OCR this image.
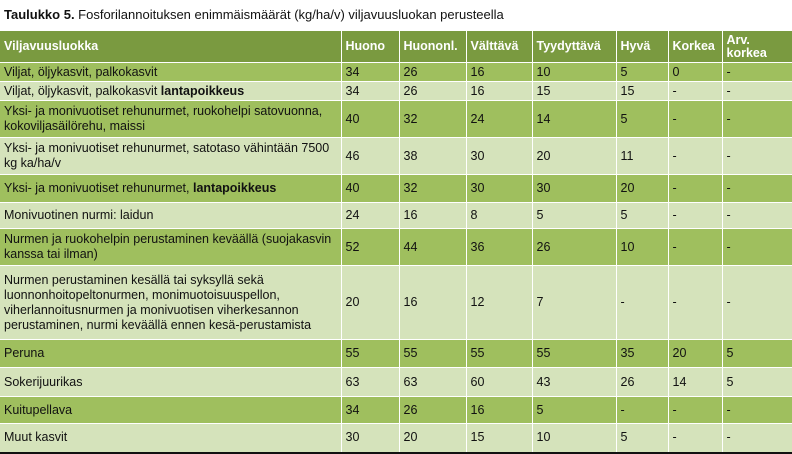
Taulukko 5. Fosforilannoituksen enimmäismäärät (kg/ha/v) viljavuusluokan perusteella
Viljavuusluokka	Huono	Huononl.	Välttävä	Tyydyttävä	Hyvä	Korkea	Arv. korkea
Viljat, öljykasvit, palkokasvit	34	26	16	10	5	0	-
Viljat, öljykasvit, palkokasvit lantapoikkeus	34	26	16	15	15	-	-
Yksi- ja monivuotiset rehunurmet, ruokohelpi satovuonna, kokoviljasäilörehu, maissi	40	32	24	14	5	-	-
Yksi- ja monivuotiset rehunurmet, satotaso vähintään 7500 kg ka/ha/v	46	38	30	20	11	-	-
Yksi- ja monivuotiset rehunurmet, lantapoikkeus	40	32	30	30	20	-	-
Monivuotinen nurmi: laidun	24	16	8	5	5	-	-
Nurmen ja ruokohelpin perustaminen keväällä (suojakasvin kanssa tai ilman)	52	44	36	26	10	-	-
Nurmen perustaminen kesällä tai syksyllä sekä luonnonhoitopeltonurmen, monimuotoisuuspellon, viherlannoitusnurmen ja monivuotisen viherkesannon perustaminen, nurmi keväällä ennen kesä-perustamista	20	16	12	7	-	-	-
Peruna	55	55	55	55	35	20	5
Sokerijuurikas	63	63	60	43	26	14	5
Kuitupellava	34	26	16	5	-	-	-
Muut kasvit	30	20	15	10	5	-	-
